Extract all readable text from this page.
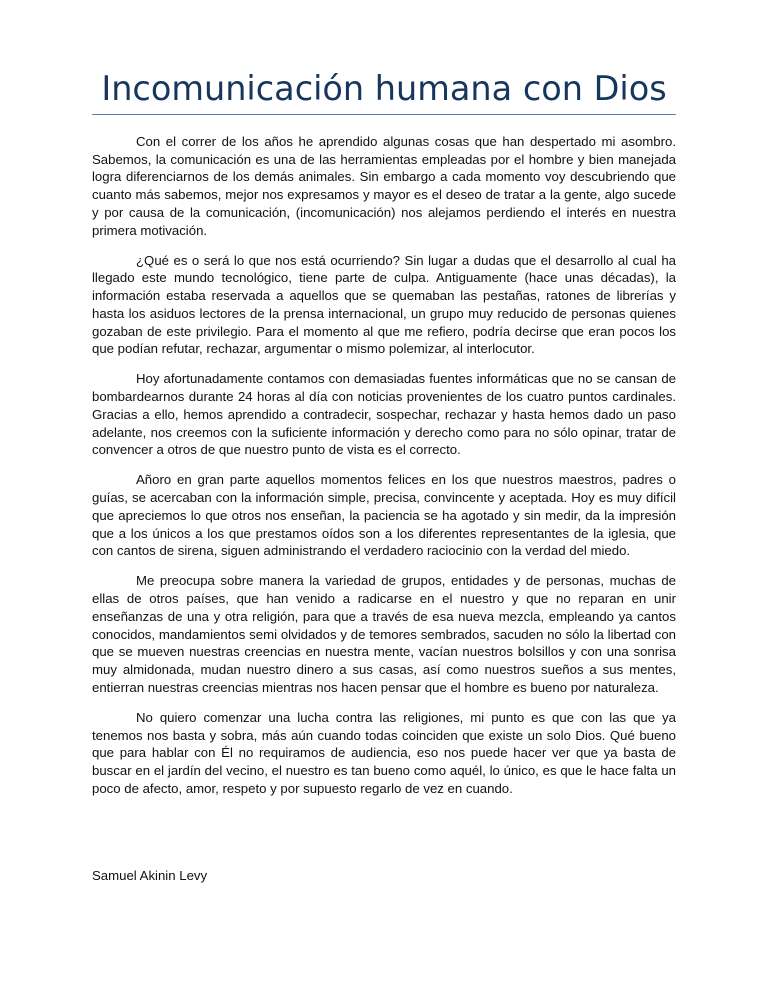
Incomunicación humana con Dios

Con el correr de los años he aprendido algunas cosas que han despertado mi asombro. Sabemos, la comunicación es una de las herramientas empleadas por el hombre y bien manejada logra diferenciarnos de los demás animales. Sin embargo a cada momento voy descubriendo que cuanto más sabemos, mejor nos expresamos y mayor es el deseo de tratar a la gente, algo sucede y por causa de la comunicación, (incomunicación) nos alejamos perdiendo el interés en nuestra primera motivación.

¿Qué es o será lo que nos está ocurriendo? Sin lugar a dudas que el desarrollo al cual ha llegado este mundo tecnológico, tiene parte de culpa. Antiguamente (hace unas décadas), la información estaba reservada a aquellos que se quemaban las pestañas, ratones de librerías y hasta los asiduos lectores de la prensa internacional, un grupo muy reducido de personas quienes gozaban de este privilegio. Para el momento al que me refiero, podría decirse que eran pocos los que podían refutar, rechazar, argumentar o mismo polemizar, al interlocutor.

Hoy afortunadamente contamos con demasiadas fuentes informáticas que no se cansan de bombardearnos durante 24 horas al día con noticias provenientes de los cuatro puntos cardinales. Gracias a ello, hemos aprendido a contradecir, sospechar, rechazar y hasta hemos dado un paso adelante, nos creemos con la suficiente información y derecho como para no sólo opinar, tratar de convencer a otros de que nuestro punto de vista es el correcto.

Añoro en gran parte aquellos momentos felices en los que nuestros maestros, padres o guías, se acercaban con la información simple, precisa, convincente y aceptada. Hoy es muy difícil que apreciemos lo que otros nos enseñan, la paciencia se ha agotado y sin medir, da la impresión que a los únicos a los que prestamos oídos son a los diferentes representantes de la iglesia, que con cantos de sirena, siguen administrando el verdadero raciocinio con la verdad del miedo.

Me preocupa sobre manera la variedad de grupos, entidades y de personas, muchas de ellas de otros países, que han venido a radicarse en el nuestro y que no reparan en unir enseñanzas de una y otra religión, para que a través de esa nueva mezcla, empleando ya cantos conocidos, mandamientos semi olvidados y de temores sembrados, sacuden no sólo la libertad con que se mueven nuestras creencias en nuestra mente, vacían nuestros bolsillos y con una sonrisa muy almidonada, mudan nuestro dinero a sus casas, así como nuestros sueños a sus mentes, entierran nuestras creencias mientras nos hacen pensar que el hombre es bueno por naturaleza.

No quiero comenzar una lucha contra las religiones, mi punto es que con las que ya tenemos nos basta y sobra, más aún cuando todas coinciden que existe un solo Dios. Qué bueno que para hablar con Él no requiramos de audiencia, eso nos puede hacer ver que ya basta de buscar en el jardín del vecino, el nuestro es tan bueno como aquél, lo único, es que le hace falta un poco de afecto, amor, respeto y por supuesto regarlo de vez en cuando.

Samuel Akinin Levy
